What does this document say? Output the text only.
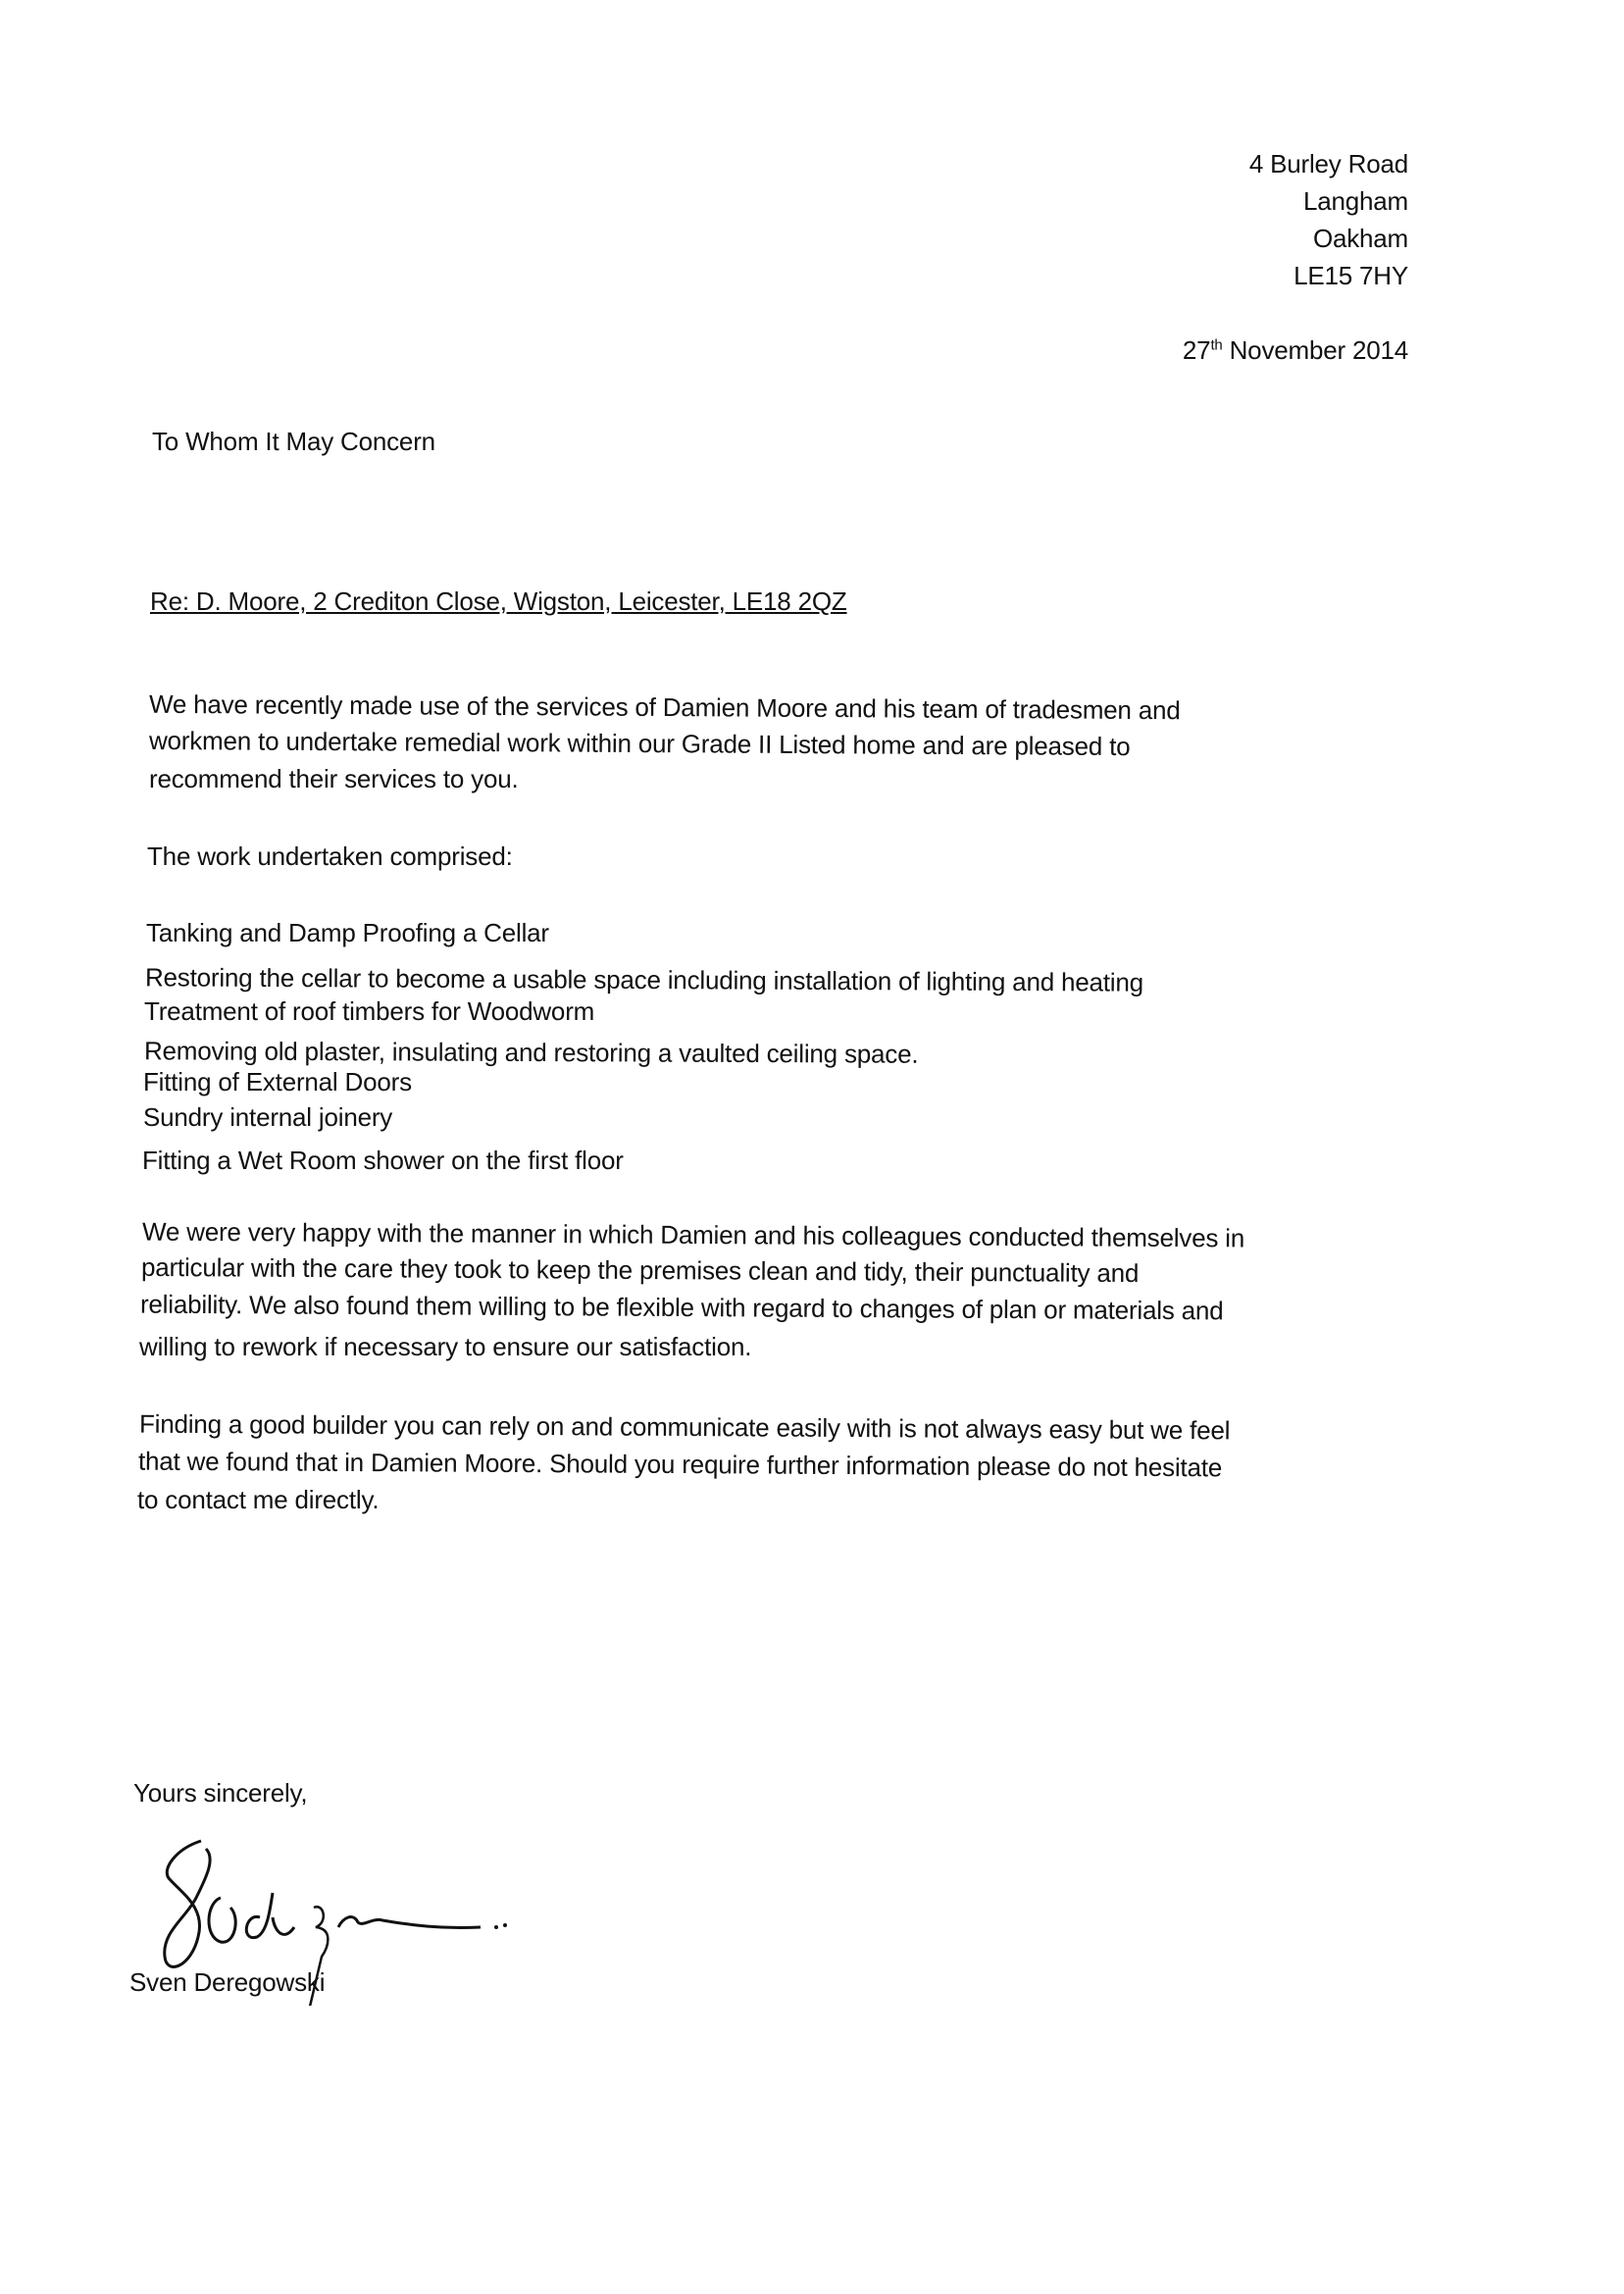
4 Burley Road
Langham
Oakham
LE15 7HY
27th November 2014
To Whom It May Concern
Re: D. Moore, 2 Crediton Close, Wigston, Leicester, LE18 2QZ
We have recently made use of the services of Damien Moore and his team of tradesmen and
workmen to undertake remedial work within our Grade II Listed home and are pleased to
recommend their services to you.
The work undertaken comprised:
Tanking and Damp Proofing a Cellar
Restoring the cellar to become a usable space including installation of lighting and heating
Treatment of roof timbers for Woodworm
Removing old plaster, insulating and restoring a vaulted ceiling space.
Fitting of External Doors
Sundry internal joinery
Fitting a Wet Room shower on the first floor
We were very happy with the manner in which Damien and his colleagues conducted themselves in
particular with the care they took to keep the premises clean and tidy, their punctuality and
reliability. We also found them willing to be flexible with regard to changes of plan or materials and
willing to rework if necessary to ensure our satisfaction.
Finding a good builder you can rely on and communicate easily with is not always easy but we feel
that we found that in Damien Moore. Should you require further information please do not hesitate
to contact me directly.
Yours sincerely,
Sven Deregowski
